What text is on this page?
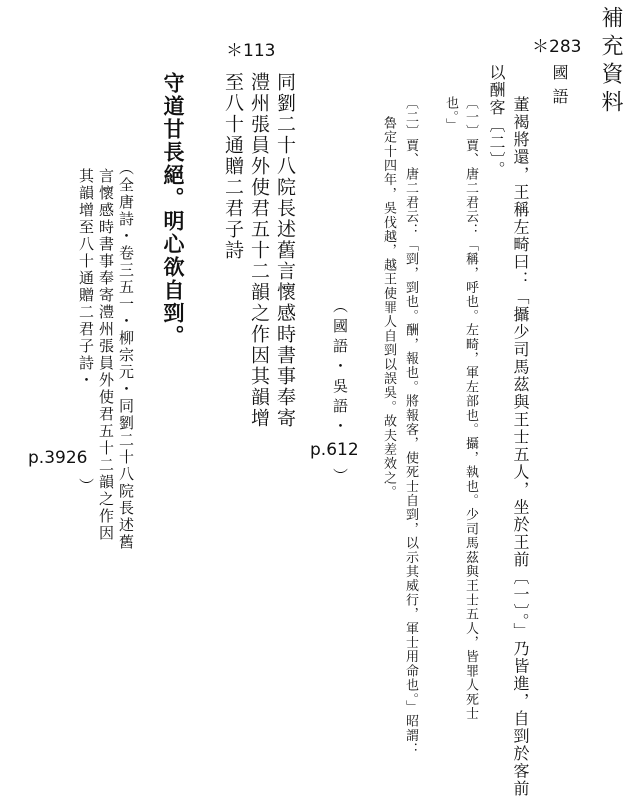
補充資料
＊283
國語
董褐將還，王稱左畸曰：「攝少司馬茲與王士五人，坐於王前〔一〕。」乃皆進，自剄於客前
以酬客〔二〕。
〔一〕賈、唐二君云：「稱，呼也。左畸，軍左部也。攝，執也。少司馬茲與王士五人，皆罪人死士
也。」
〔二〕賈、唐二君云：「剄，剄也。酬，報也。將報客，使死士自剄，以示其威行，軍士用命也。」昭謂：
魯定十四年，吳伐越，越王使罪人自剄以誤吳。故夫差效之。
（國語・吳語・
p.612
）
＊113
同劉二十八院長述舊言懷感時書事奉寄
澧州張員外使君五十二韻之作因其韻增
至八十通贈二君子詩
守道甘長絕。明心欲自剄。
（全唐詩・卷三五一・柳宗元・同劉二十八院長述舊
言懷感時書事奉寄澧州張員外使君五十二韻之作因
其韻增至八十通贈二君子詩・
）
p.3926
